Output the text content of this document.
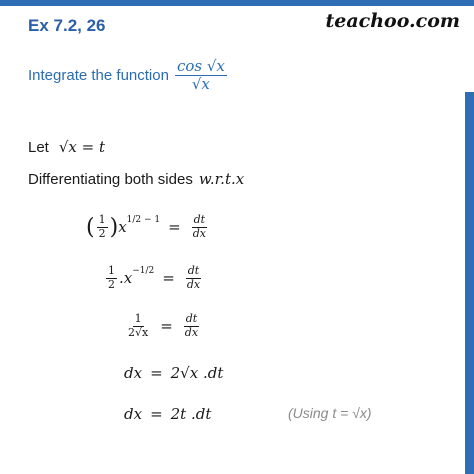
Ex 7.2, 26	teachoo.com
Integrate the function $\frac{\cos √x}{√x}$
Let √x = t
Differentiating both sides w.r.t.x
( $\frac{1}{2}$ ) x $1/2 - 1 = \frac{dt}{dx}$
$\frac{1}{2} .x -1/2 = \frac{dt}{dx}$
$\frac{1}{2√x} = \frac{dt}{dx}$
dx = 2√x .dt
dx = 2t .dt	(Using t = √x)
